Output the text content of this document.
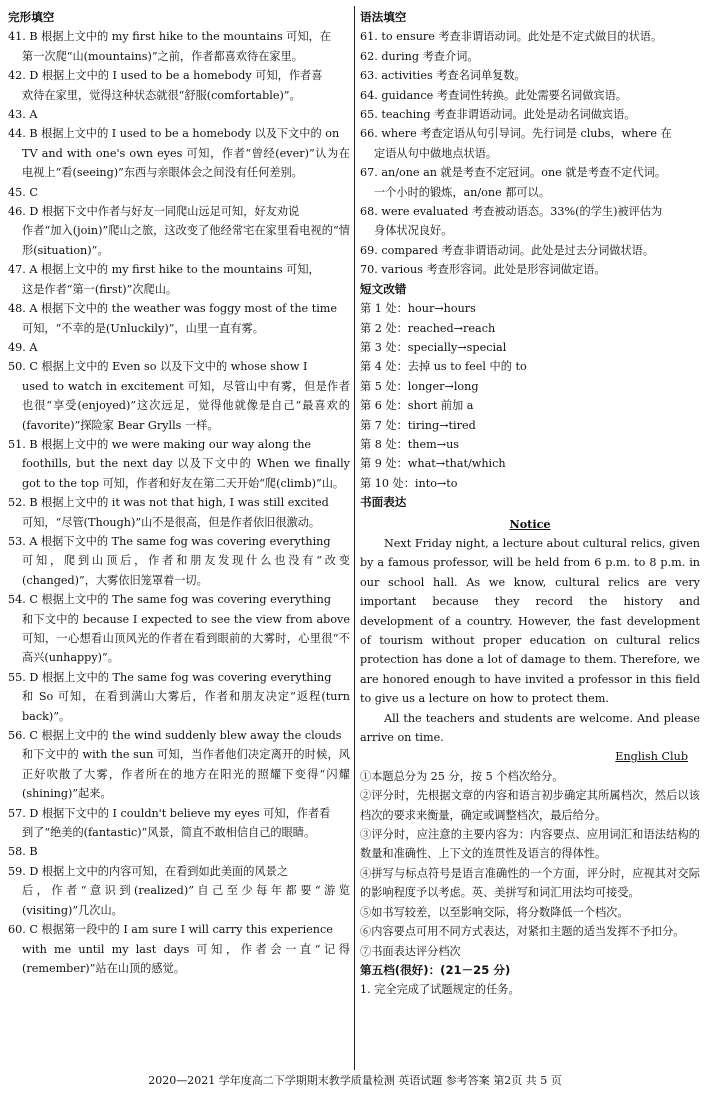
完形填空
41. B 根据上文中的 my first hike to the mountains 可知，在
第一次爬“山(mountains)”之前，作者都喜欢待在家里。
42. D 根据上文中的 I used to be a homebody 可知，作者喜
欢待在家里，觉得这种状态就很“舒服(comfortable)”。
43. A
44. B 根据上文中的 I used to be a homebody 以及下文中的 on
TV and with one's own eyes 可知，作者“曾经(ever)”认为在电视上“看(seeing)”东西与亲眼体会之间没有任何差别。
45. C
46. D 根据下文中作者与好友一同爬山远足可知，好友劝说
作者“加入(join)”爬山之旅，这改变了他经常宅在家里看电视的“情形(situation)”。
47. A 根据上文中的 my first hike to the mountains 可知，
这是作者“第一(first)”次爬山。
48. A 根据下文中的 the weather was foggy most of the time
可知，“不幸的是(Unluckily)”，山里一直有雾。
49. A
50. C 根据上文中的 Even so 以及下文中的 whose show I
used to watch in excitement 可知，尽管山中有雾，但是作者也很“享受(enjoyed)”这次远足，觉得他就像是自己“最喜欢的(favorite)”探险家 Bear Grylls 一样。
51. B 根据上文中的 we were making our way along the
foothills, but the next day 以及下文中的 When we finally got to the top 可知，作者和好友在第二天开始“爬(climb)”山。
52. B 根据上文中的 it was not that high, I was still excited
可知，“尽管(Though)”山不是很高，但是作者依旧很激动。
53. A 根据下文中的 The same fog was covering everything
可知，爬到山顶后，作者和朋友发现什么也没有“改变(changed)”，大雾依旧笼罩着一切。
54. C 根据上文中的 The same fog was covering everything
和下文中的 because I expected to see the view from above 可知，一心想看山顶风光的作者在看到眼前的大雾时，心里很“不高兴(unhappy)”。
55. D 根据上文中的 The same fog was covering everything
和 So 可知，在看到满山大雾后，作者和朋友决定“返程(turn back)”。
56. C 根据上文中的 the wind suddenly blew away the clouds
和下文中的 with the sun 可知，当作者他们决定离开的时候，风正好吹散了大雾，作者所在的地方在阳光的照耀下变得“闪耀(shining)”起来。
57. D 根据下文中的 I couldn't believe my eyes 可知，作者看
到了“绝美的(fantastic)”风景，简直不敢相信自己的眼睛。
58. B
59. D 根据上文中的内容可知，在看到如此美面的风景之
后，作者“意识到(realized)”自己至少每年都要“游览(visiting)”几次山。
60. C 根据第一段中的 I am sure I will carry this experience
with me until my last days 可知，作者会一直“记得(remember)”站在山顶的感觉。
语法填空
61. to ensure 考查非谓语动词。此处是不定式做目的状语。
62. during 考查介词。
63. activities 考查名词单复数。
64. guidance 考查词性转换。此处需要名词做宾语。
65. teaching 考查非谓语动词。此处是动名词做宾语。
66. where 考查定语从句引导词。先行词是 clubs，where 在
定语从句中做地点状语。
67. an/one an 就是考查不定冠词。one 就是考查不定代词。
一个小时的锻炼，an/one 都可以。
68. were evaluated 考查被动语态。33%(的学生)被评估为
身体状况良好。
69. compared 考查非谓语动词。此处是过去分词做状语。
70. various 考查形容词。此处是形容词做定语。
短文改错
第 1 处：hour→hours
第 2 处：reached→reach
第 3 处：specially→special
第 4 处：去掉 us to feel 中的 to
第 5 处：longer→long
第 6 处：short 前加 a
第 7 处：tiring→tired
第 8 处：them→us
第 9 处：what→that/which
第 10 处：into→to
书面表达
Notice
Next Friday night, a lecture about cultural relics, given by a famous professor, will be held from 6 p.m. to 8 p.m. in our school hall. As we know, cultural relics are very important because they record the history and development of a country. However, the fast development of tourism without proper education on cultural relics protection has done a lot of damage to them. Therefore, we are honored enough to have invited a professor in this field to give us a lecture on how to protect them.
All the teachers and students are welcome. And please arrive on time.
English Club
①本题总分为 25 分，按 5 个档次给分。
②评分时，先根据文章的内容和语言初步确定其所属档次，然后以该档次的要求来衡量，确定或调整档次，最后给分。
③评分时，应注意的主要内容为：内容要点、应用词汇和语法结构的数量和准确性、上下文的连贯性及语言的得体性。
④拼写与标点符号是语言准确性的一个方面，评分时，应视其对交际的影响程度予以考虑。英、美拼写和词汇用法均可接受。
⑤如书写较差，以至影响交际，将分数降低一个档次。
⑥内容要点可用不同方式表达，对紧扣主题的适当发挥不予扣分。
⑦书面表达评分档次
第五档(很好)：(21－25 分)
1. 完全完成了试题规定的任务。
2020—2021 学年度高二下学期期末教学质量检测 英语试题 参考答案 第2页 共 5 页
